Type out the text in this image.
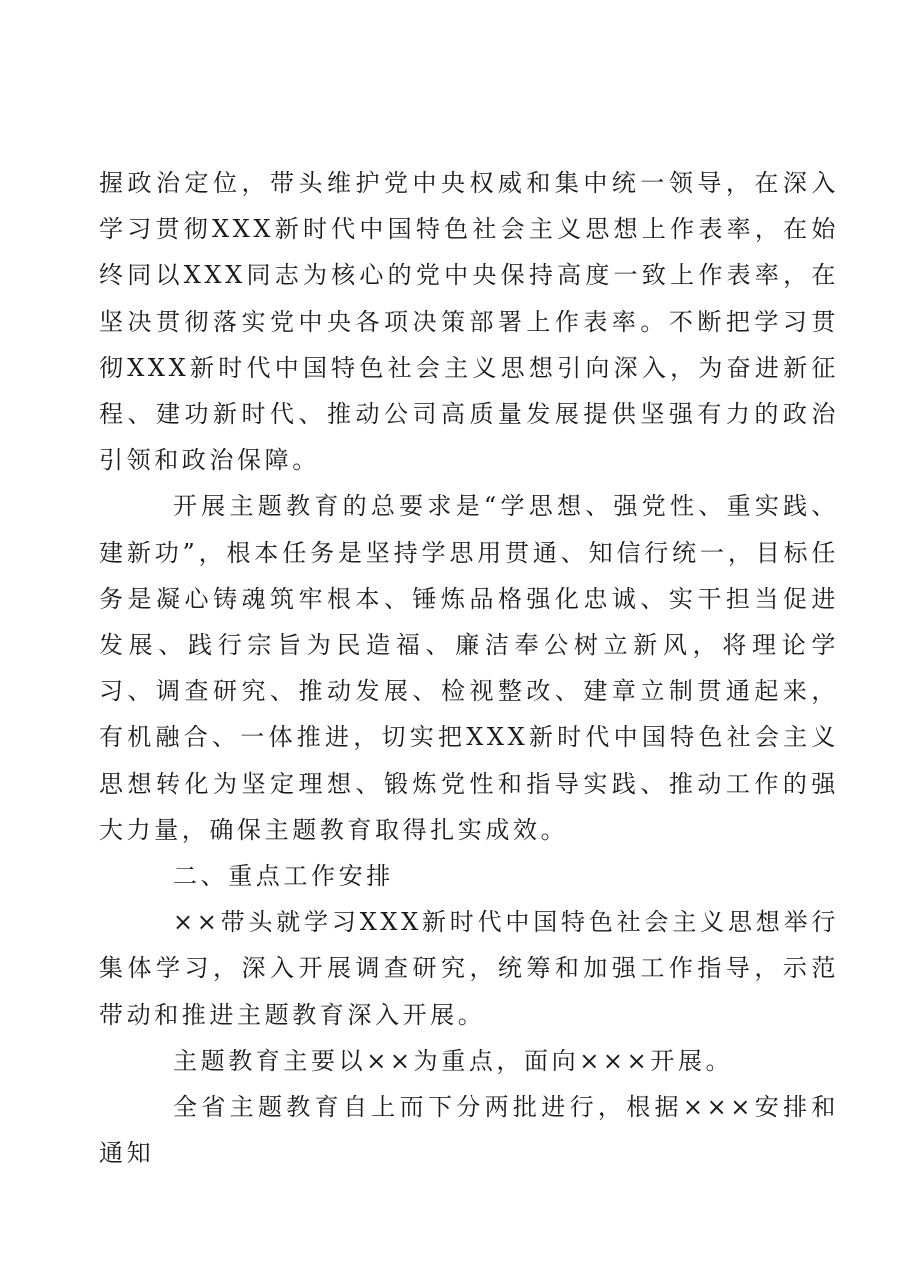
握政治定位，带头维护党中央权威和集中统一领导，在深入学习贯彻XXX新时代中国特色社会主义思想上作表率，在始终同以XXX同志为核心的党中央保持高度一致上作表率，在坚决贯彻落实党中央各项决策部署上作表率。不断把学习贯彻XXX新时代中国特色社会主义思想引向深入，为奋进新征程、建功新时代、推动公司高质量发展提供坚强有力的政治引领和政治保障。

开展主题教育的总要求是“学思想、强党性、重实践、建新功”，根本任务是坚持学思用贯通、知信行统一，目标任务是凝心铸魂筑牢根本、锤炼品格强化忠诚、实干担当促进发展、践行宗旨为民造福、廉洁奉公树立新风，将理论学习、调查研究、推动发展、检视整改、建章立制贯通起来，有机融合、一体推进，切实把XXX新时代中国特色社会主义思想转化为坚定理想、锻炼党性和指导实践、推动工作的强大力量，确保主题教育取得扎实成效。

二、重点工作安排

××带头就学习XXX新时代中国特色社会主义思想举行集体学习，深入开展调查研究，统筹和加强工作指导，示范带动和推进主题教育深入开展。

主题教育主要以××为重点，面向×××开展。

全省主题教育自上而下分两批进行，根据×××安排和通知
